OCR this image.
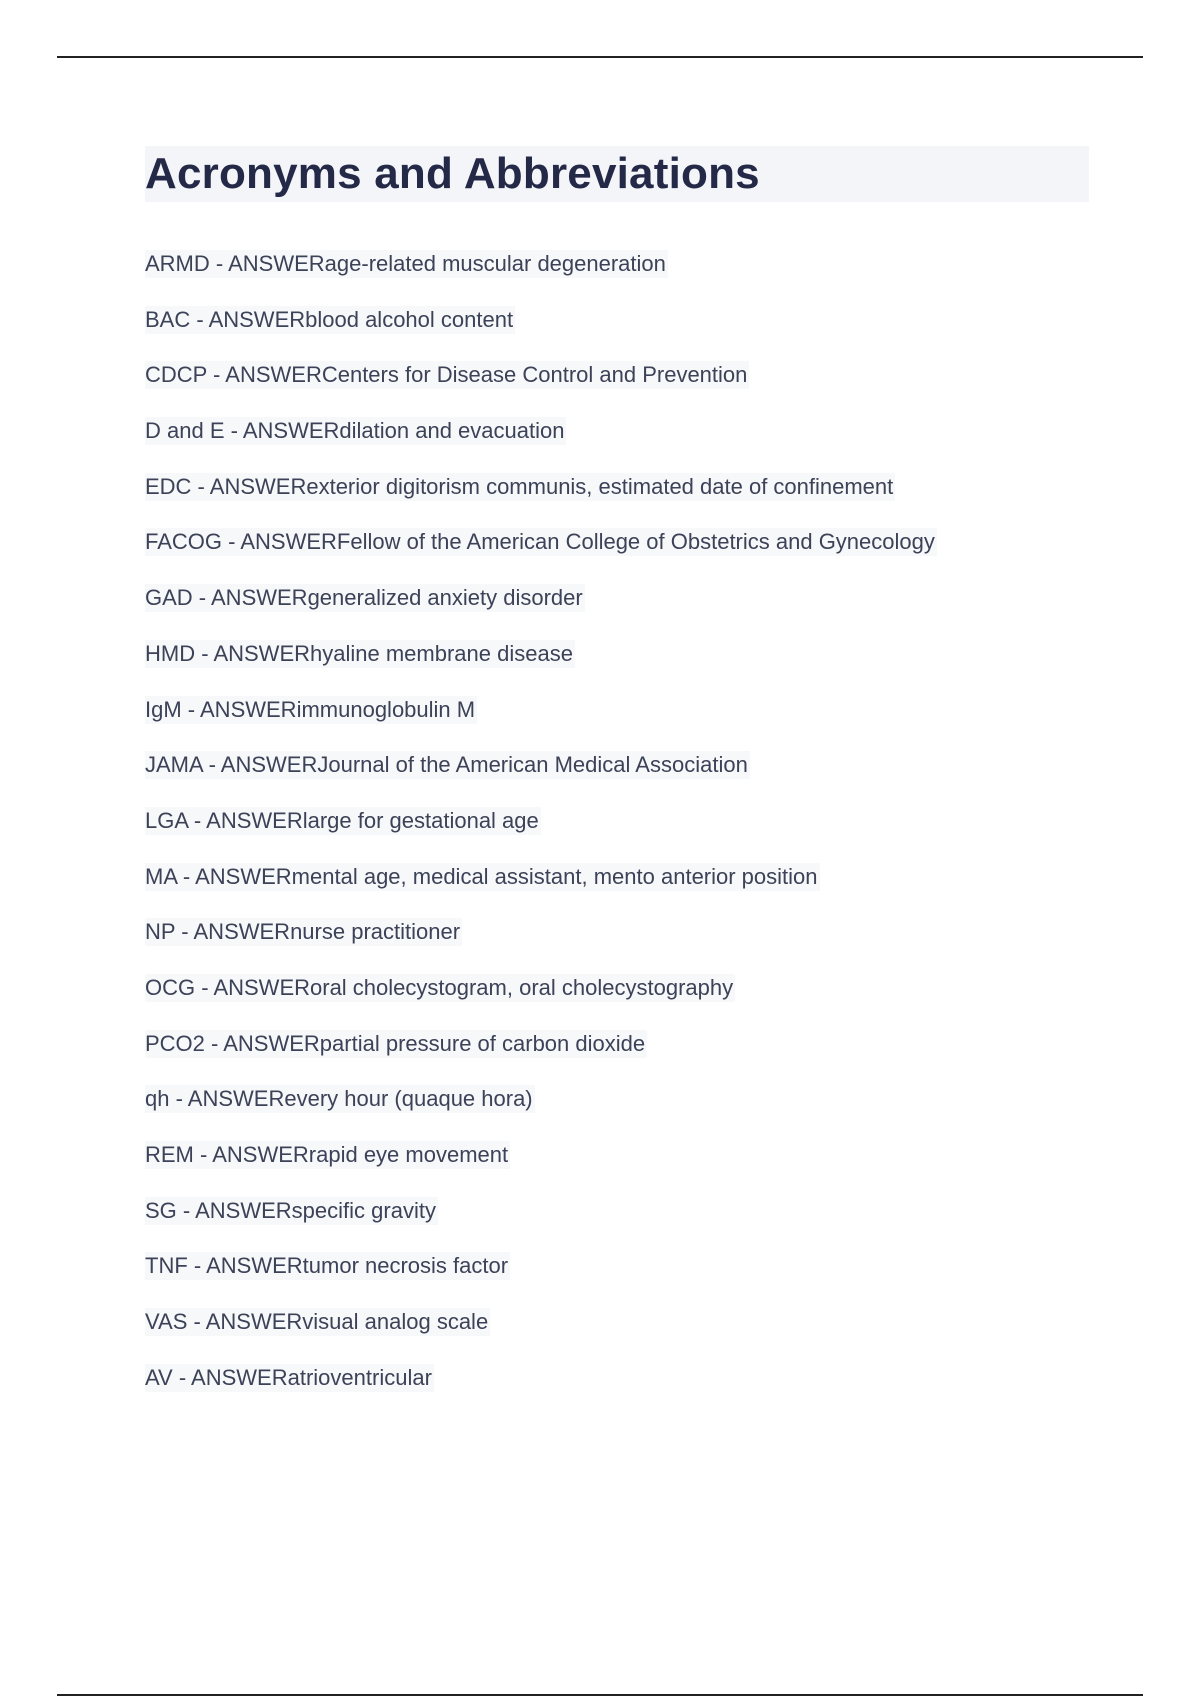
Acronyms and Abbreviations
ARMD - ANSWERage-related muscular degeneration
BAC - ANSWERblood alcohol content
CDCP - ANSWERCenters for Disease Control and Prevention
D and E - ANSWERdilation and evacuation
EDC - ANSWERexterior digitorism communis, estimated date of confinement
FACOG - ANSWERFellow of the American College of Obstetrics and Gynecology
GAD - ANSWERgeneralized anxiety disorder
HMD - ANSWERhyaline membrane disease
IgM - ANSWERimmunoglobulin M
JAMA - ANSWERJournal of the American Medical Association
LGA - ANSWERlarge for gestational age
MA - ANSWERmental age, medical assistant, mento anterior position
NP - ANSWERnurse practitioner
OCG - ANSWERoral cholecystogram, oral cholecystography
PCO2 - ANSWERpartial pressure of carbon dioxide
qh - ANSWERevery hour (quaque hora)
REM - ANSWERrapid eye movement
SG - ANSWERspecific gravity
TNF - ANSWERtumor necrosis factor
VAS - ANSWERvisual analog scale
AV - ANSWERatrioventricular
